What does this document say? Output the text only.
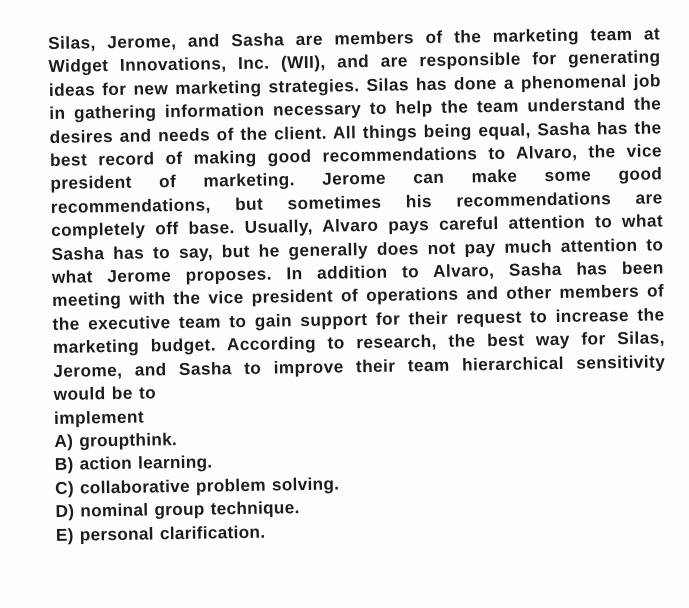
Silas, Jerome, and Sasha are members of the marketing team at Widget Innovations, Inc. (WII), and are responsible for generating ideas for new marketing strategies. Silas has done a phenomenal job in gathering information necessary to help the team understand the desires and needs of the client. All things being equal, Sasha has the best record of making good recommendations to Alvaro, the vice president of marketing. Jerome can make some good recommendations, but sometimes his recommendations are completely off base. Usually, Alvaro pays careful attention to what Sasha has to say, but he generally does not pay much attention to what Jerome proposes. In addition to Alvaro, Sasha has been meeting with the vice president of operations and other members of the executive team to gain support for their request to increase the marketing budget. According to research, the best way for Silas, Jerome, and Sasha to improve their team hierarchical sensitivity would be to

implement

A) groupthink.
B) action learning.
C) collaborative problem solving.
D) nominal group technique.
E) personal clarification.
